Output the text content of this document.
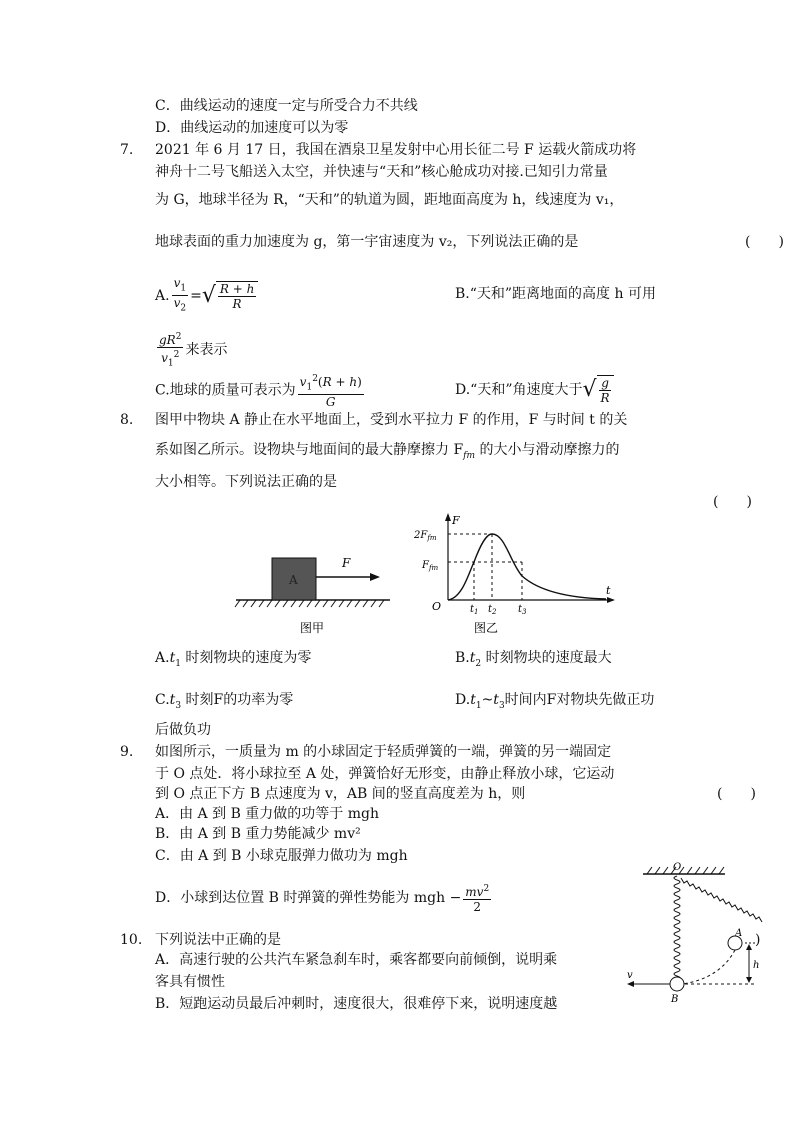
C．曲线运动的速度一定与所受合力不共线
D．曲线运动的加速度可以为零
7. 2021 年 6 月 17 日，我国在酒泉卫星发射中心用长征二号 F 运载火箭成功将
神舟十二号飞船送入太空，并快速与“天和”核心舱成功对接.已知引力常量
为 G，地球半径为 R，“天和”的轨道为圆，距地面高度为 h，线速度为 v₁，
地球表面的重力加速度为 g，第一宇宙速度为 v₂，下列说法正确的是	(　　)
A. $\frac{v_1}{v_2}$ = √ $\frac{R + h}{R}$	B.“天和”距离地面的高度 h 可用
$\frac{gR^2}{v_1^2}$ 来表示
C.地球的质量可表示为 $\frac{v_1^2(R + h)}{G}$	D.“天和”角速度大于 √ $\frac{g}{R}$
8. 图甲中物块 A 静止在水平地面上，受到水平拉力 F 的作用，F 与时间 t 的关
系如图乙所示。设物块与地面间的最大静摩擦力 $F_{fm}$ 的大小与滑动摩擦力的
大小相等。下列说法正确的是
(　　)
A
F
图甲
F
t
O
$2F_{fm}$
$F_{fm}$
$t_1$ $t_2$ $t_3$
图乙
$A.t_1$ 时刻物块的速度为零	$B.t_2$ 时刻物块的速度最大
$C.t_3$ 时刻F的功率为零	$D.t_1\sim t_3$时间内F对物块先做正功
后做负功
9. 如图所示，一质量为 m 的小球固定于轻质弹簧的一端，弹簧的另一端固定
于 O 点处．将小球拉至 A 处，弹簧恰好无形变，由静止释放小球，它运动
到 O 点正下方 B 点速度为 v，AB 间的竖直高度差为 h，则	(　　)
A．由 A 到 B 重力做的功等于 mgh
B．由 A 到 B 重力势能减少 mv²
C．由 A 到 B 小球克服弹力做功为 mgh
D．小球到达位置 B 时弹簧的弹性势能为 mgh − $\frac{mv^2}{2}$
O
A
B
h
v
10. 下列说法中正确的是	)
A．高速行驶的公共汽车紧急刹车时，乘客都要向前倾倒，说明乘
客具有惯性
B．短跑运动员最后冲刺时，速度很大，很难停下来，说明速度越
